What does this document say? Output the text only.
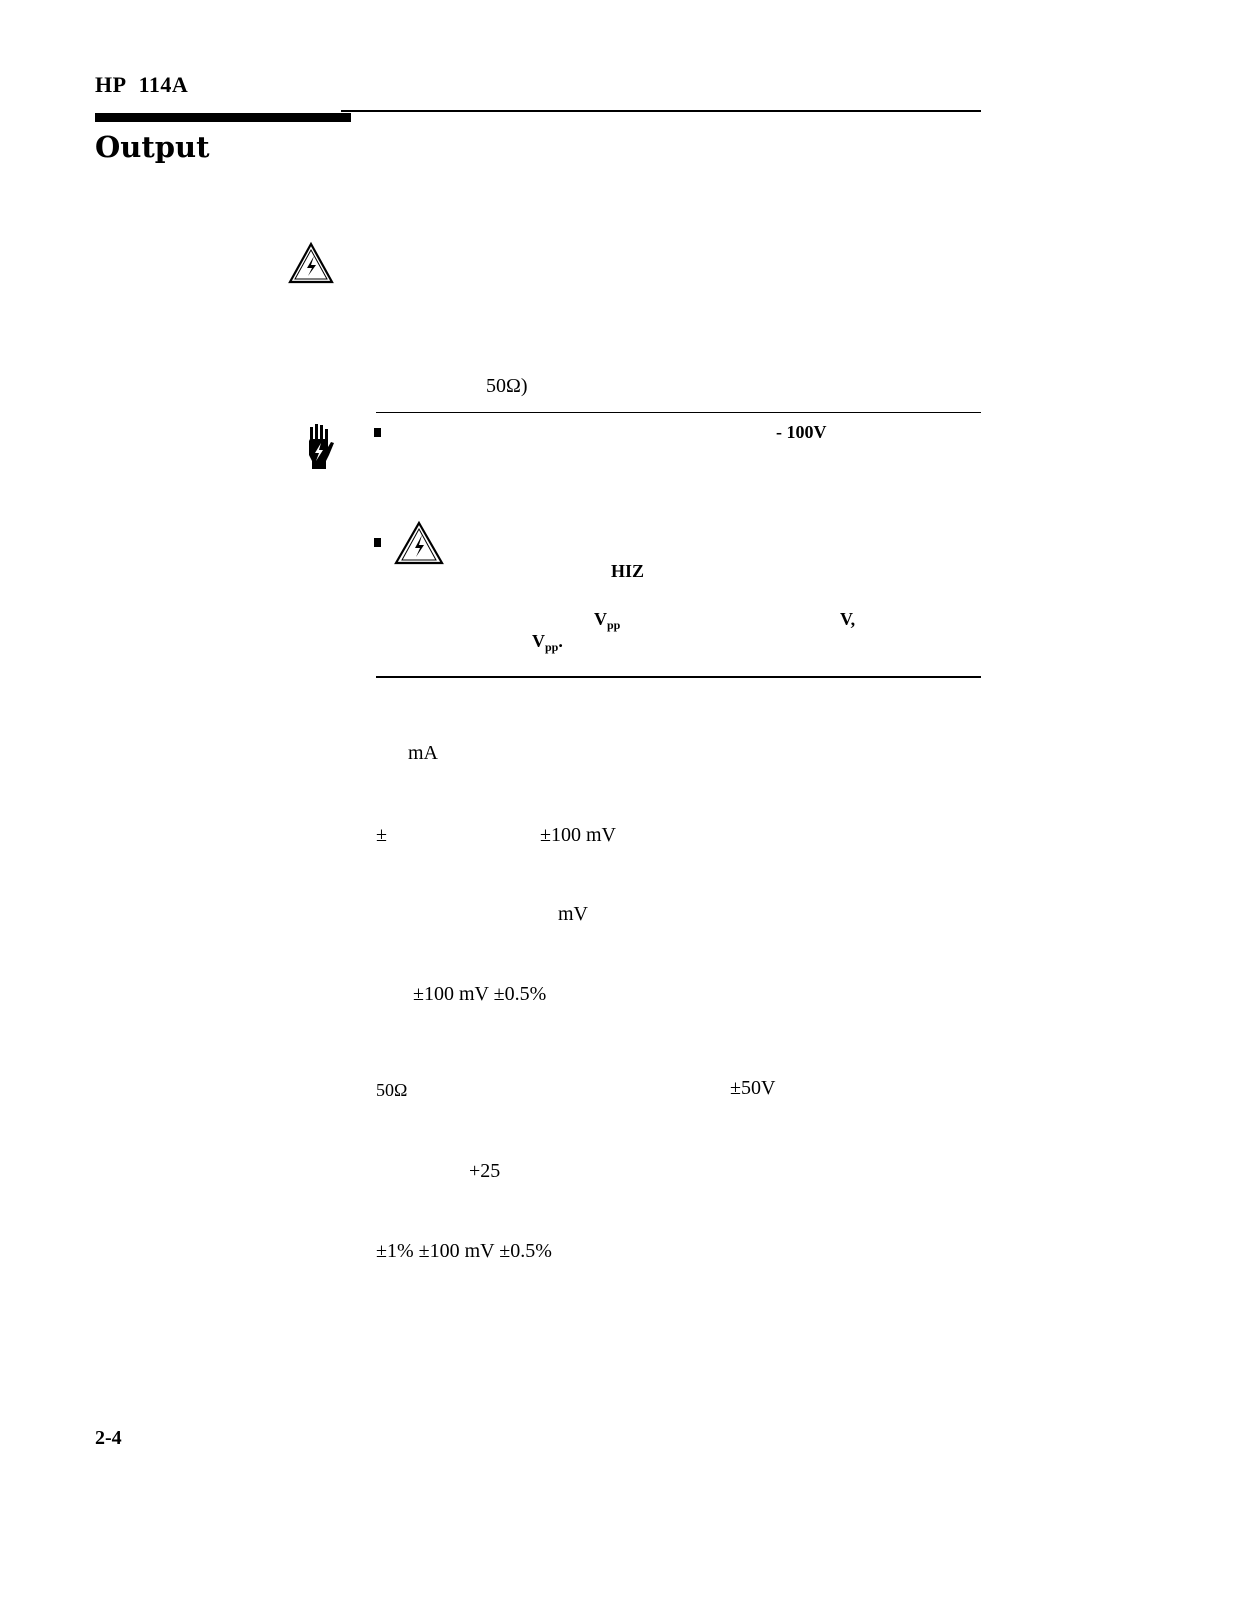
HP 114A
Output
50Ω)
- 100V
HIZ
$V_{pp}$	V,
$V_{pp}$.
mA
±	±100 mV
mV
±100 mV ±0.5%
50Ω	±50V
+25
±1% ±100 mV ±0.5%
2-4
